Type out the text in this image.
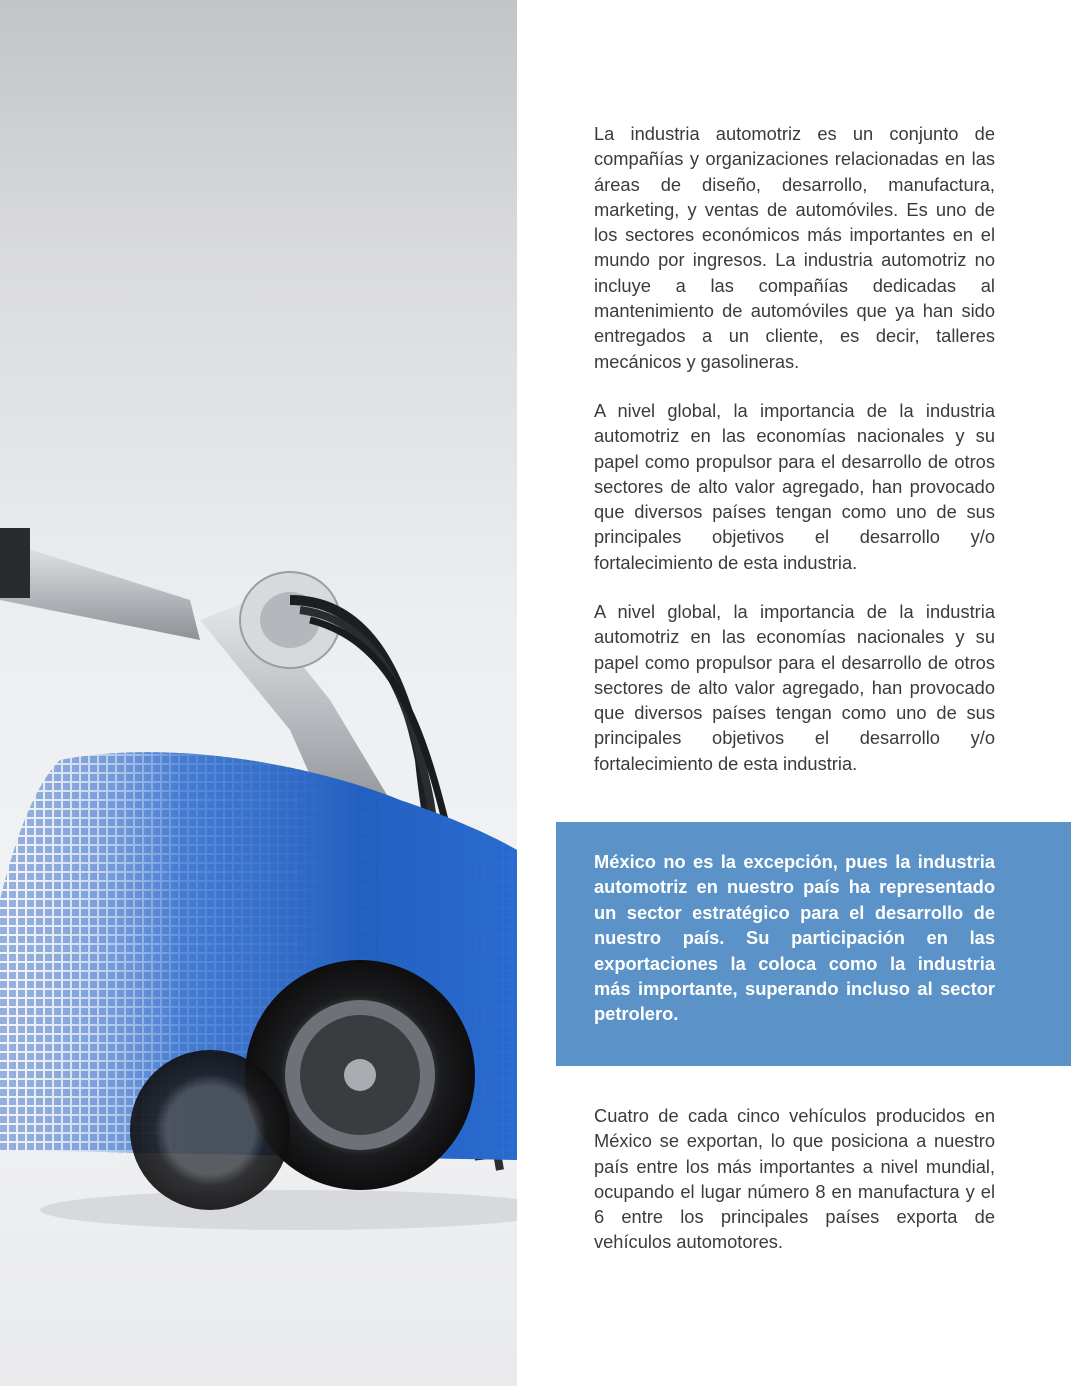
La industria automotriz es un conjunto de compañías y organizaciones relacionadas en las áreas de diseño, desarrollo, manufactura, marketing, y ventas de automóviles. Es uno de los sectores económicos más importantes en el mundo por ingresos. La industria automotriz no incluye a las compañías dedicadas al mantenimiento de automóviles que ya han sido entregados a un cliente, es decir, talleres mecánicos y gasolineras.

A nivel global, la importancia de la industria automotriz en las economías nacionales y su papel como propulsor para el desarrollo de otros sectores de alto valor agregado, han provocado que diversos países tengan como uno de sus principales objetivos el desarrollo y/o fortalecimiento de esta industria.

A nivel global, la importancia de la industria automotriz en las economías nacionales y su papel como propulsor para el desarrollo de otros sectores de alto valor agregado, han provocado que diversos países tengan como uno de sus principales objetivos el desarrollo y/o fortalecimiento de esta industria.

México no es la excepción, pues la industria automotriz en nuestro país ha representado un sector estratégico para el desarrollo de nuestro país. Su participación en las exportaciones la coloca como la industria más importante, superando incluso al sector petrolero.

Cuatro de cada cinco vehículos producidos en México se exportan, lo que posiciona a nuestro país entre los más importantes a nivel mundial, ocupando el lugar número 8 en manufactura y el 6 entre los principales países exporta de vehículos automotores.
